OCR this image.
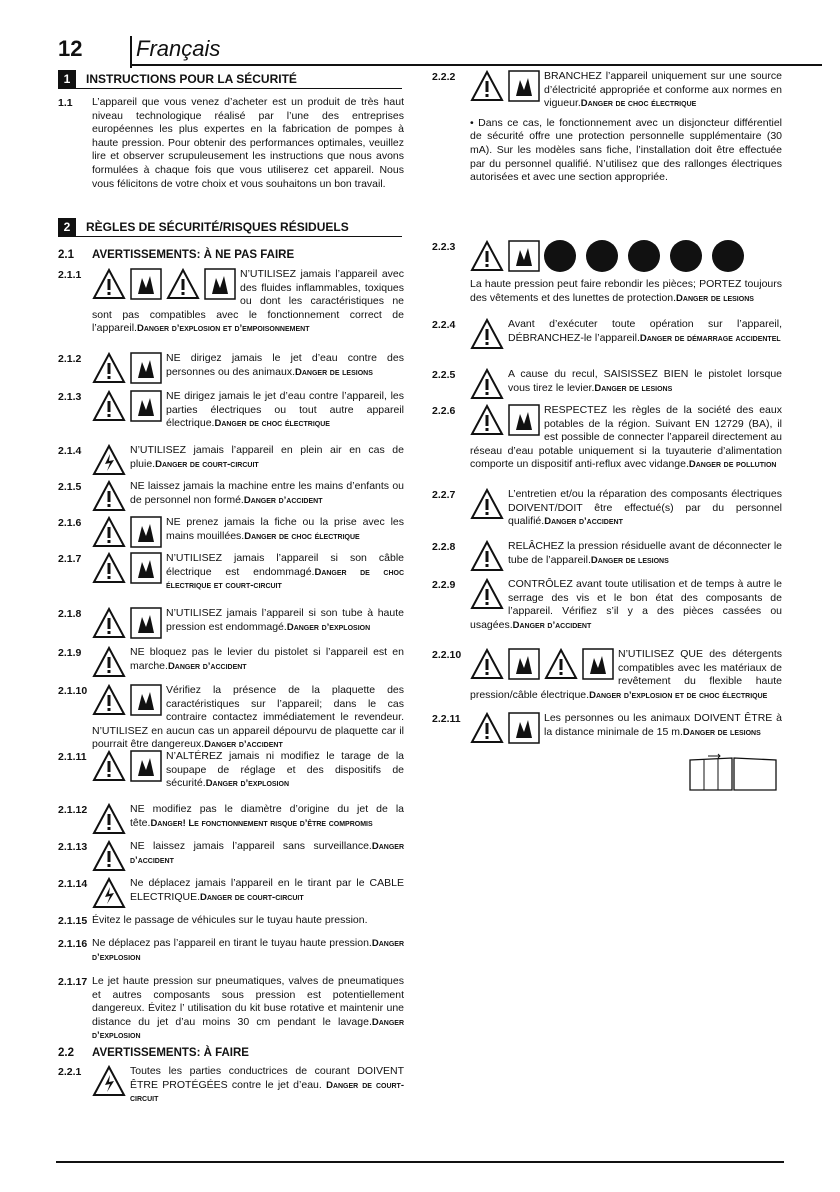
12 Français
1	INSTRUCTIONS POUR LA SÉCURITÉ
1.1 L’appareil que vous venez d’acheter est un produit de très haut niveau technologique réalisé par l’une des entreprises européennes les plus expertes en la fabrication de pompes à haute pression. Pour obtenir des performances optimales, veuillez lire et observer scrupuleusement les instructions que nous avons formulées à chaque fois que vous utiliserez cet appareil. Nous vous félicitons de votre choix et vous souhaitons un bon travail.
2	RÈGLES DE SÉCURITÉ/RISQUES RÉSIDUELS
2.1 AVERTISSEMENTS: À NE PAS FAIRE
2.1.1	N’UTILISEZ jamais l’appareil avec des fluides inflammables, toxiques ou dont les caractéristiques ne sont pas compatibles avec le fonctionnement correct de l’appareil.Danger d’explosion et d’empoisonnement
2.1.2	NE dirigez jamais le jet d’eau contre des personnes ou des animaux.Danger de lesions
2.1.3	NE dirigez jamais le jet d’eau contre l’appareil, les parties électriques ou tout autre appareil électrique.Danger de choc électrique
2.1.4	N’UTILISEZ jamais l’appareil en plein air en cas de pluie.Danger de court-circuit
2.1.5	NE laissez jamais la machine entre les mains d’enfants ou de personnel non formé.Danger d’accident
2.1.6	NE prenez jamais la fiche ou la prise avec les mains mouillées.Danger de choc électrique
2.1.7	N’UTILISEZ jamais l’appareil si son câble électrique est endommagé.Danger de choc électrique et court-circuit
2.1.8	N’UTILISEZ jamais l’appareil si son tube à haute pression est endommagé.Danger d’explosion
2.1.9	NE bloquez pas le levier du pistolet si l’appareil est en marche.Danger d’accident
2.1.10	Vérifiez la présence de la plaquette des caractéristiques sur l’appareil; dans le cas contraire contactez immédiatement le revendeur. N’UTILISEZ en aucun cas un appareil dépourvu de plaquette car il pourrait être dangereux.Danger d’accident
2.1.11	N’ALTÉREZ jamais ni modifiez le tarage de la soupape de réglage et des dispositifs de sécurité.Danger d’explosion
2.1.12	NE modifiez pas le diamètre d’origine du jet de la tête.Danger! Le fonctionnement risque d’être compromis
2.1.13	NE laissez jamais l’appareil sans surveillance.Danger d’accident
2.1.14	Ne déplacez jamais l’appareil en le tirant par le CABLE ELECTRIQUE.Danger de court-circuit
2.1.15 Évitez le passage de véhicules sur le tuyau haute pression.
2.1.16 Ne déplacez pas l’appareil en tirant le tuyau haute pression.Danger d’explosion
2.1.17 Le jet haute pression sur pneumatiques, valves de pneumatiques et autres composants sous pression est potentiellement dangereux. Évitez l’ utilisation du kit buse rotative et maintenir une distance du jet d’au moins 30 cm pendant le lavage.Danger d’explosion
2.2 AVERTISSEMENTS: À FAIRE
2.2.1	Toutes les parties conductrices de courant DOIVENT ÊTRE PROTÉGÉES contre le jet d’eau. Danger de court-circuit
2.2.2	BRANCHEZ l’appareil uniquement sur une source d’électricité appropriée et conforme aux normes en vigueur.Danger de choc électrique
• Dans ce cas, le fonctionnement avec un disjoncteur différentiel de sécurité offre une protection personnelle supplémentaire (30 mA). Sur les modèles sans fiche, l’installation doit être effectuée par du personnel qualifié. N’utilisez que des rallonges électriques autorisées et avec une section appropriée.
2.2.3
La haute pression peut faire rebondir les pièces; PORTEZ toujours des vêtements et des lunettes de protection.Danger de lesions
2.2.4	Avant d’exécuter toute opération sur l’appareil, DÉBRANCHEZ-le l’appareil.Danger de démarrage accidentel
2.2.5	A cause du recul, SAISISSEZ BIEN le pistolet lorsque vous tirez le levier.Danger de lesions
2.2.6	RESPECTEZ les règles de la société des eaux potables de la région. Suivant EN 12729 (BA), il est possible de connecter l’appareil directement au réseau d’eau potable uniquement si la tuyauterie d’alimentation comporte un dispositif anti-reflux avec vidange.Danger de pollution
2.2.7	L’entretien et/ou la réparation des composants électriques DOIVENT/DOIT être effectué(s) par du personnel qualifié.Danger d’accident
2.2.8	RELÂCHEZ la pression résiduelle avant de déconnecter le tube de l’appareil.Danger de lesions
2.2.9	CONTRÔLEZ avant toute utilisation et de temps à autre le serrage des vis et le bon état des composants de l’appareil. Vérifiez s’il y a des pièces cassées ou usagées.Danger d’accident
2.2.10	N’UTILISEZ QUE des détergents compatibles avec les matériaux de revêtement du flexible haute pression/câble électrique.Danger d’explosion et de choc électrique
2.2.11	Les personnes ou les animaux DOIVENT ÊTRE à la distance minimale de 15 m.Danger de lesions
